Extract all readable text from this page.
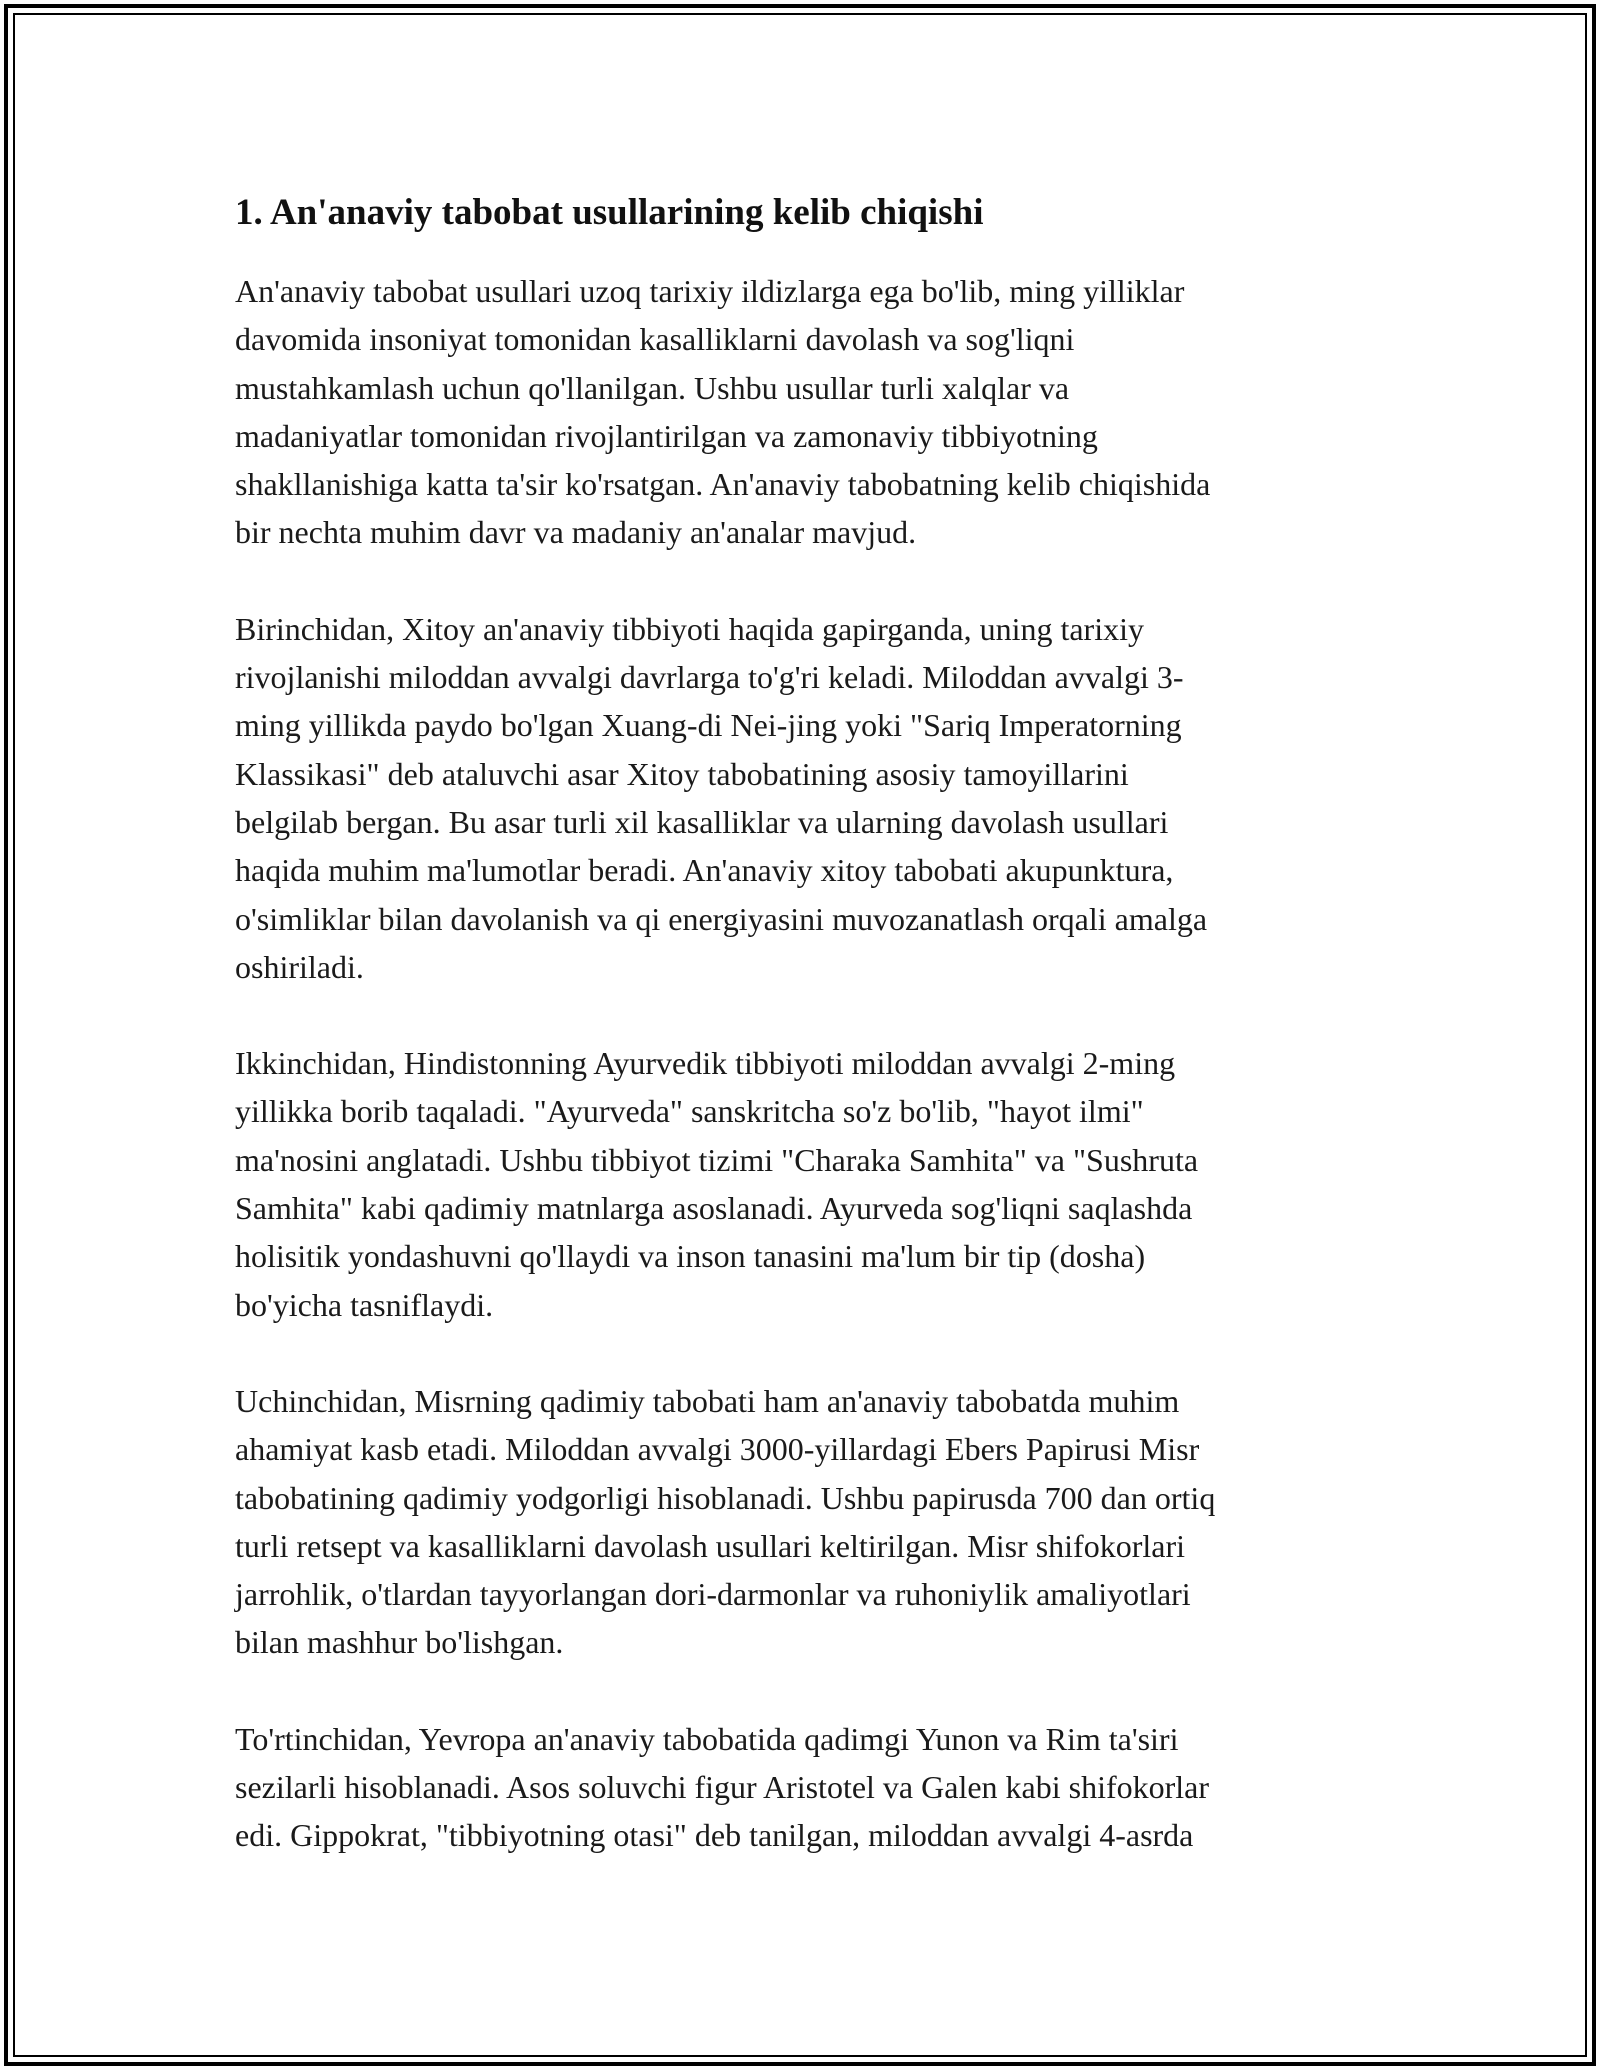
1. An'anaviy tabobat usullarining kelib chiqishi

An'anaviy tabobat usullari uzoq tarixiy ildizlarga ega bo'lib, ming yilliklar
davomida insoniyat tomonidan kasalliklarni davolash va sog'liqni
mustahkamlash uchun qo'llanilgan. Ushbu usullar turli xalqlar va
madaniyatlar tomonidan rivojlantirilgan va zamonaviy tibbiyotning
shakllanishiga katta ta'sir ko'rsatgan. An'anaviy tabobatning kelib chiqishida
bir nechta muhim davr va madaniy an'analar mavjud.

Birinchidan, Xitoy an'anaviy tibbiyoti haqida gapirganda, uning tarixiy
rivojlanishi miloddan avvalgi davrlarga to'g'ri keladi. Miloddan avvalgi 3-
ming yillikda paydo bo'lgan Xuang-di Nei-jing yoki "Sariq Imperatorning
Klassikasi" deb ataluvchi asar Xitoy tabobatining asosiy tamoyillarini
belgilab bergan. Bu asar turli xil kasalliklar va ularning davolash usullari
haqida muhim ma'lumotlar beradi. An'anaviy xitoy tabobati akupunktura,
o'simliklar bilan davolanish va qi energiyasini muvozanatlash orqali amalga
oshiriladi.

Ikkinchidan, Hindistonning Ayurvedik tibbiyoti miloddan avvalgi 2-ming
yillikka borib taqaladi. "Ayurveda" sanskritcha so'z bo'lib, "hayot ilmi"
ma'nosini anglatadi. Ushbu tibbiyot tizimi "Charaka Samhita" va "Sushruta
Samhita" kabi qadimiy matnlarga asoslanadi. Ayurveda sog'liqni saqlashda
holisitik yondashuvni qo'llaydi va inson tanasini ma'lum bir tip (dosha)
bo'yicha tasniflaydi.

Uchinchidan, Misrning qadimiy tabobati ham an'anaviy tabobatda muhim
ahamiyat kasb etadi. Miloddan avvalgi 3000-yillardagi Ebers Papirusi Misr
tabobatining qadimiy yodgorligi hisoblanadi. Ushbu papirusda 700 dan ortiq
turli retsept va kasalliklarni davolash usullari keltirilgan. Misr shifokorlari
jarrohlik, o'tlardan tayyorlangan dori-darmonlar va ruhoniylik amaliyotlari
bilan mashhur bo'lishgan.

To'rtinchidan, Yevropa an'anaviy tabobatida qadimgi Yunon va Rim ta'siri
sezilarli hisoblanadi. Asos soluvchi figur Aristotel va Galen kabi shifokorlar
edi. Gippokrat, "tibbiyotning otasi" deb tanilgan, miloddan avvalgi 4-asrda
